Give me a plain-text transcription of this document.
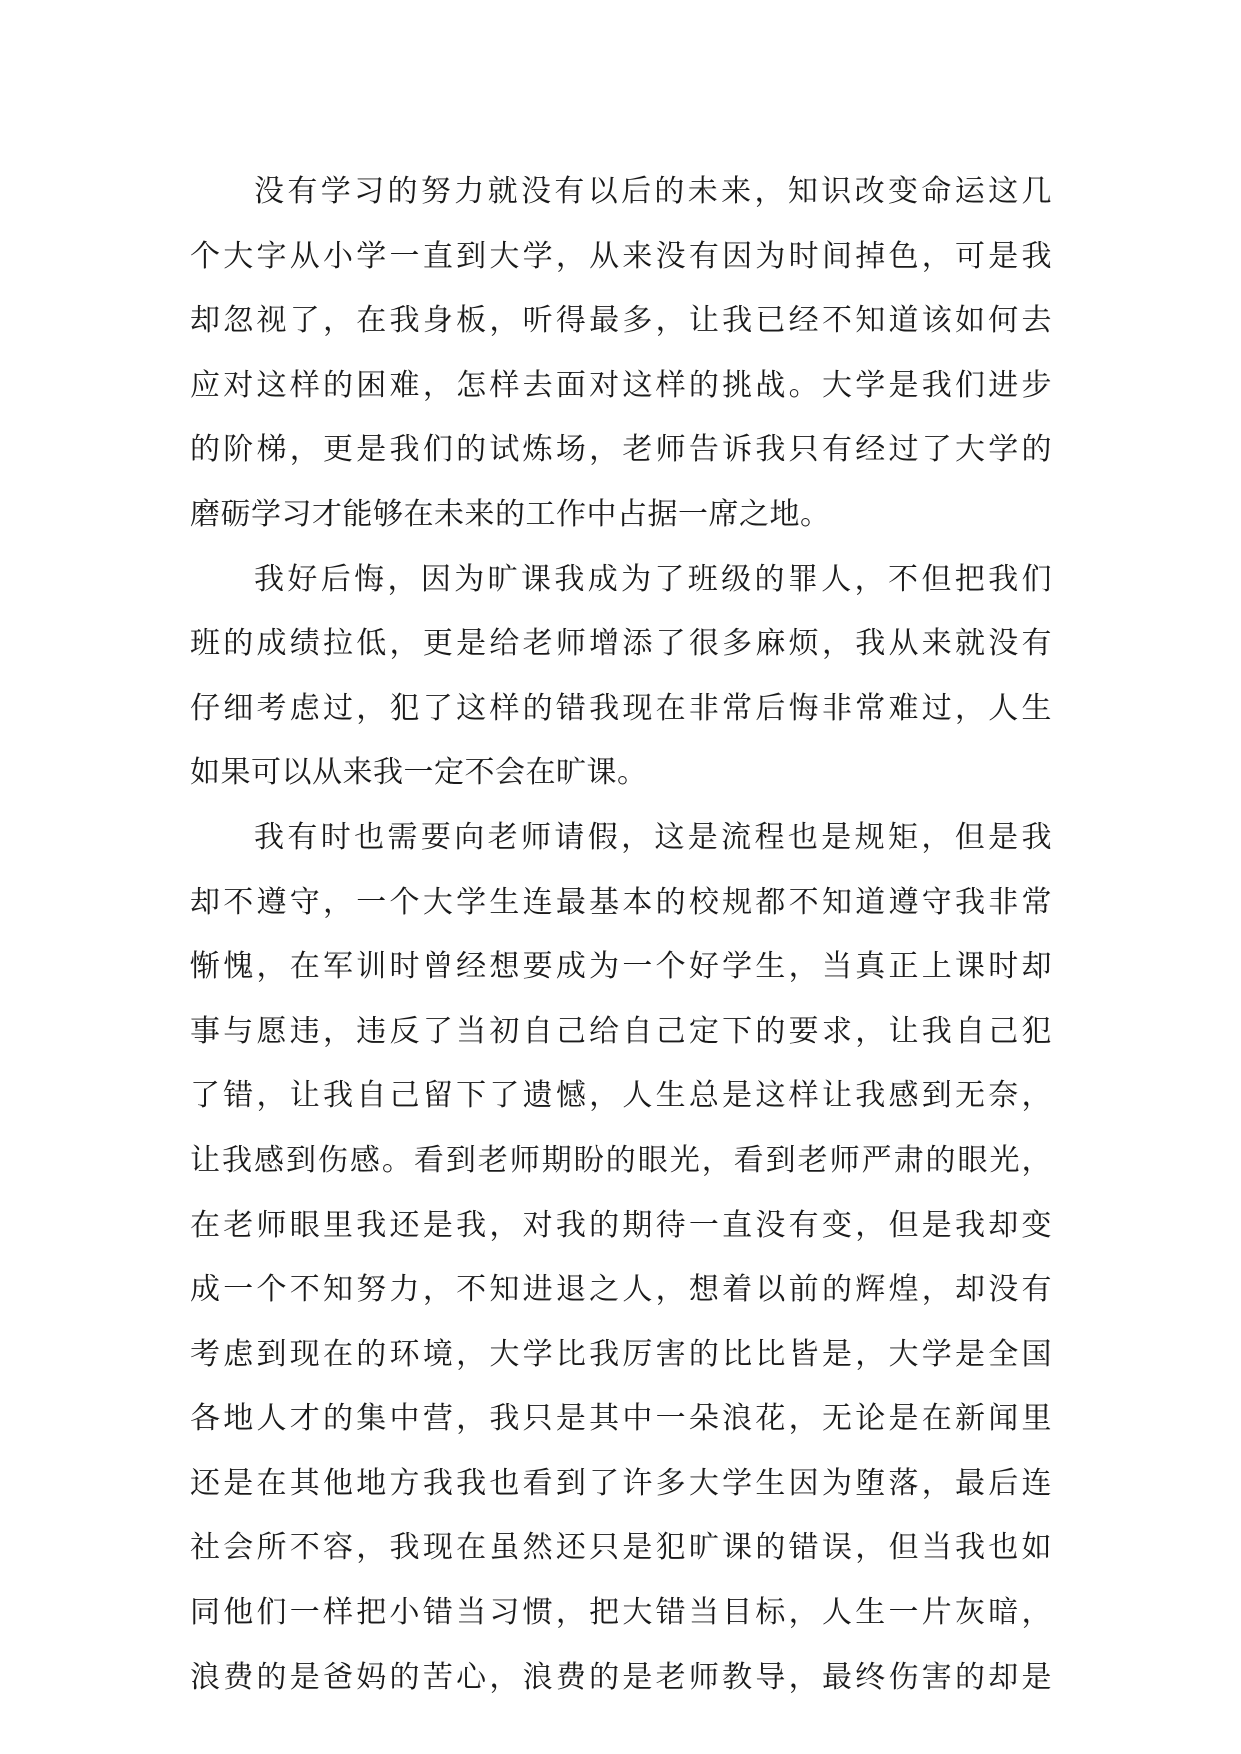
没有学习的努力就没有以后的未来，知识改变命运这几
个大字从小学一直到大学，从来没有因为时间掉色，可是我
却忽视了，在我身板，听得最多，让我已经不知道该如何去
应对这样的困难，怎样去面对这样的挑战。大学是我们进步
的阶梯，更是我们的试炼场，老师告诉我只有经过了大学的
磨砺学习才能够在未来的工作中占据一席之地。
我好后悔，因为旷课我成为了班级的罪人，不但把我们
班的成绩拉低，更是给老师增添了很多麻烦，我从来就没有
仔细考虑过，犯了这样的错我现在非常后悔非常难过，人生
如果可以从来我一定不会在旷课。
我有时也需要向老师请假，这是流程也是规矩，但是我
却不遵守，一个大学生连最基本的校规都不知道遵守我非常
惭愧，在军训时曾经想要成为一个好学生，当真正上课时却
事与愿违，违反了当初自己给自己定下的要求，让我自己犯
了错，让我自己留下了遗憾，人生总是这样让我感到无奈，
让我感到伤感。看到老师期盼的眼光，看到老师严肃的眼光，
在老师眼里我还是我，对我的期待一直没有变，但是我却变
成一个不知努力，不知进退之人，想着以前的辉煌，却没有
考虑到现在的环境，大学比我厉害的比比皆是，大学是全国
各地人才的集中营，我只是其中一朵浪花，无论是在新闻里
还是在其他地方我我也看到了许多大学生因为堕落，最后连
社会所不容，我现在虽然还只是犯旷课的错误，但当我也如
同他们一样把小错当习惯，把大错当目标，人生一片灰暗，
浪费的是爸妈的苦心，浪费的是老师教导，最终伤害的却是
